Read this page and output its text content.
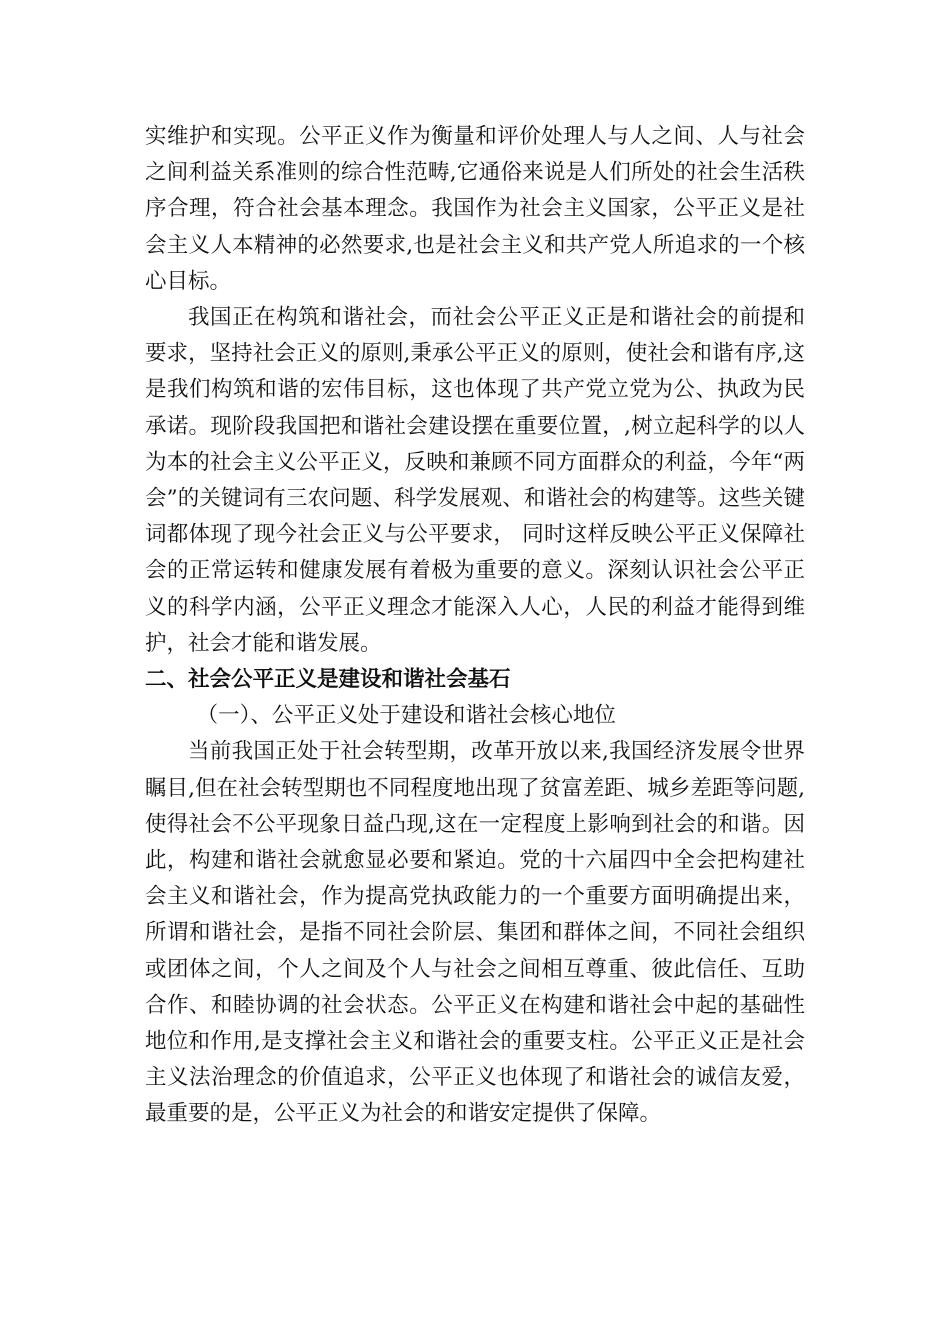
实维护和实现。公平正义作为衡量和评价处理人与人之间、人与社会之间利益关系准则的综合性范畴,它通俗来说是人们所处的社会生活秩序合理，符合社会基本理念。我国作为社会主义国家，公平正义是社会主义人本精神的必然要求,也是社会主义和共产党人所追求的一个核心目标。

我国正在构筑和谐社会，而社会公平正义正是和谐社会的前提和要求，坚持社会正义的原则,秉承公平正义的原则，使社会和谐有序,这是我们构筑和谐的宏伟目标，这也体现了共产党立党为公、执政为民承诺。现阶段我国把和谐社会建设摆在重要位置，,树立起科学的以人为本的社会主义公平正义，反映和兼顾不同方面群众的利益，今年“两会”的关键词有三农问题、科学发展观、和谐社会的构建等。这些关键词都体现了现今社会正义与公平要求， 同时这样反映公平正义保障社会的正常运转和健康发展有着极为重要的意义。深刻认识社会公平正义的科学内涵，公平正义理念才能深入人心，人民的利益才能得到维护，社会才能和谐发展。

二、社会公平正义是建设和谐社会基石

（一）、公平正义处于建设和谐社会核心地位

当前我国正处于社会转型期，改革开放以来,我国经济发展令世界瞩目,但在社会转型期也不同程度地出现了贫富差距、城乡差距等问题,使得社会不公平现象日益凸现,这在一定程度上影响到社会的和谐。因此，构建和谐社会就愈显必要和紧迫。党的十六届四中全会把构建社会主义和谐社会，作为提高党执政能力的一个重要方面明确提出来，所谓和谐社会，是指不同社会阶层、集团和群体之间，不同社会组织或团体之间，个人之间及个人与社会之间相互尊重、彼此信任、互助合作、和睦协调的社会状态。公平正义在构建和谐社会中起的基础性地位和作用,是支撑社会主义和谐社会的重要支柱。公平正义正是社会主义法治理念的价值追求，公平正义也体现了和谐社会的诚信友爱，最重要的是，公平正义为社会的和谐安定提供了保障。
